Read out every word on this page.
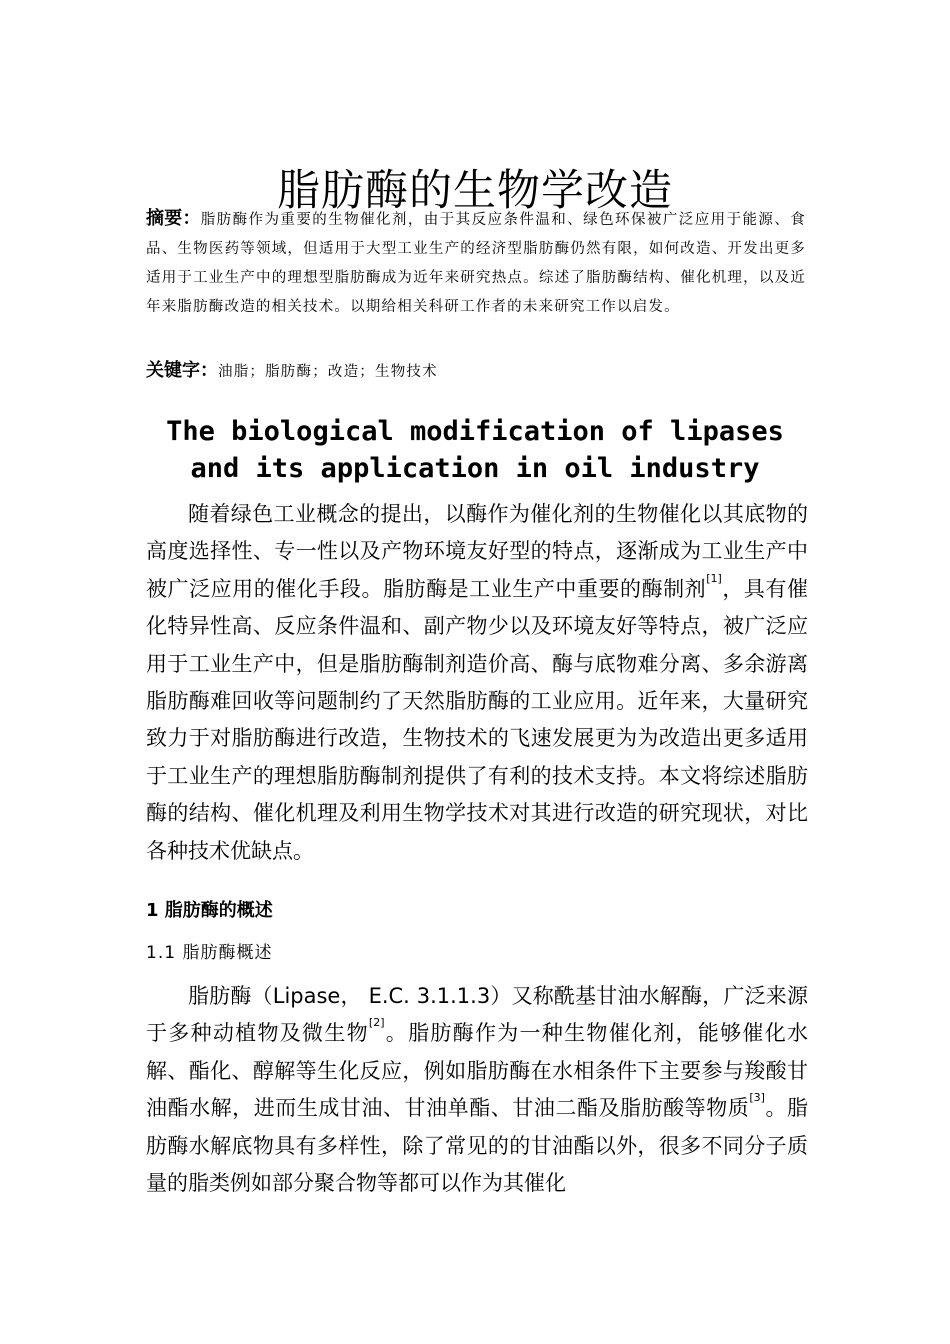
脂肪酶的生物学改造
摘要：脂肪酶作为重要的生物催化剂，由于其反应条件温和、绿色环保被广泛应用于能源、食品、生物医药等领域，但适用于大型工业生产的经济型脂肪酶仍然有限，如何改造、开发出更多适用于工业生产中的理想型脂肪酶成为近年来研究热点。综述了脂肪酶结构、催化机理，以及近年来脂肪酶改造的相关技术。以期给相关科研工作者的未来研究工作以启发。
关键字：油脂；脂肪酶；改造；生物技术
The biological modification of lipases
and its application in oil industry
随着绿色工业概念的提出，以酶作为催化剂的生物催化以其底物的高度选择性、专一性以及产物环境友好型的特点，逐渐成为工业生产中被广泛应用的催化手段。脂肪酶是工业生产中重要的酶制剂[1]，具有催化特异性高、反应条件温和、副产物少以及环境友好等特点，被广泛应用于工业生产中，但是脂肪酶制剂造价高、酶与底物难分离、多余游离脂肪酶难回收等问题制约了天然脂肪酶的工业应用。近年来，大量研究致力于对脂肪酶进行改造，生物技术的飞速发展更为为改造出更多适用于工业生产的理想脂肪酶制剂提供了有利的技术支持。本文将综述脂肪酶的结构、催化机理及利用生物学技术对其进行改造的研究现状，对比各种技术优缺点。
1 脂肪酶的概述
1.1 脂肪酶概述
脂肪酶（Lipase， E.C. 3.1.1.3）又称酰基甘油水解酶，广泛来源于多种动植物及微生物[2]。脂肪酶作为一种生物催化剂，能够催化水解、酯化、醇解等生化反应，例如脂肪酶在水相条件下主要参与羧酸甘油酯水解，进而生成甘油、甘油单酯、甘油二酯及脂肪酸等物质[3]。脂肪酶水解底物具有多样性，除了常见的的甘油酯以外，很多不同分子质量的脂类例如部分聚合物等都可以作为其催化
